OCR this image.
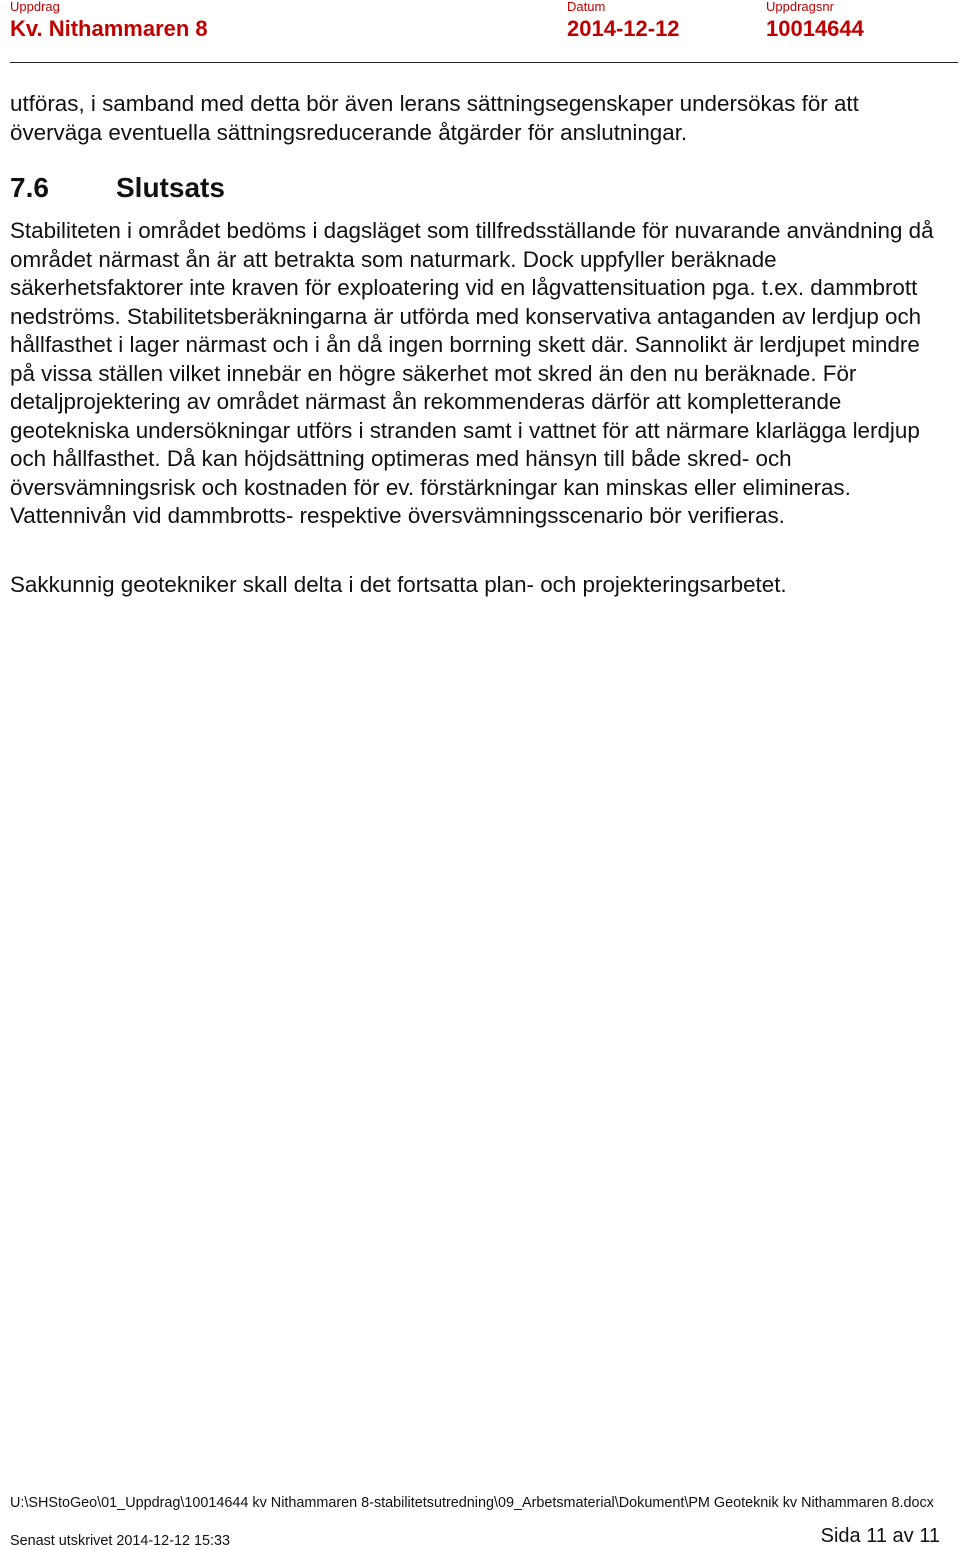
Uppdrag
Kv. Nithammaren 8
Datum
2014-12-12
Uppdragsnr
10014644

utföras, i samband med detta bör även lerans sättningsegenskaper undersökas för att överväga eventuella sättningsreducerande åtgärder för anslutningar.

7.6 Slutsats

Stabiliteten i området bedöms i dagsläget som tillfredsställande för nuvarande användning då området närmast ån är att betrakta som naturmark. Dock uppfyller beräknade säkerhetsfaktorer inte kraven för exploatering vid en lågvattensituation pga. t.ex. dammbrott nedströms. Stabilitetsberäkningarna är utförda med konservativa antaganden av lerdjup och hållfasthet i lager närmast och i ån då ingen borrning skett där. Sannolikt är lerdjupet mindre på vissa ställen vilket innebär en högre säkerhet mot skred än den nu beräknade. För detaljprojektering av området närmast ån rekommenderas därför att kompletterande geotekniska undersökningar utförs i stranden samt i vattnet för att närmare klarlägga lerdjup och hållfasthet. Då kan höjdsättning optimeras med hänsyn till både skred- och översvämningsrisk och kostnaden för ev. förstärkningar kan minskas eller elimineras. Vattennivån vid dammbrotts- respektive översvämningsscenario bör verifieras.

Sakkunnig geotekniker skall delta i det fortsatta plan- och projekteringsarbetet.

U:\SHStoGeo\01_Uppdrag\10014644 kv Nithammaren 8-stabilitetsutredning\09_Arbetsmaterial\Dokument\PM Geoteknik kv Nithammaren 8.docx
Senast utskrivet 2014-12-12 15:33	Sida 11 av 11
